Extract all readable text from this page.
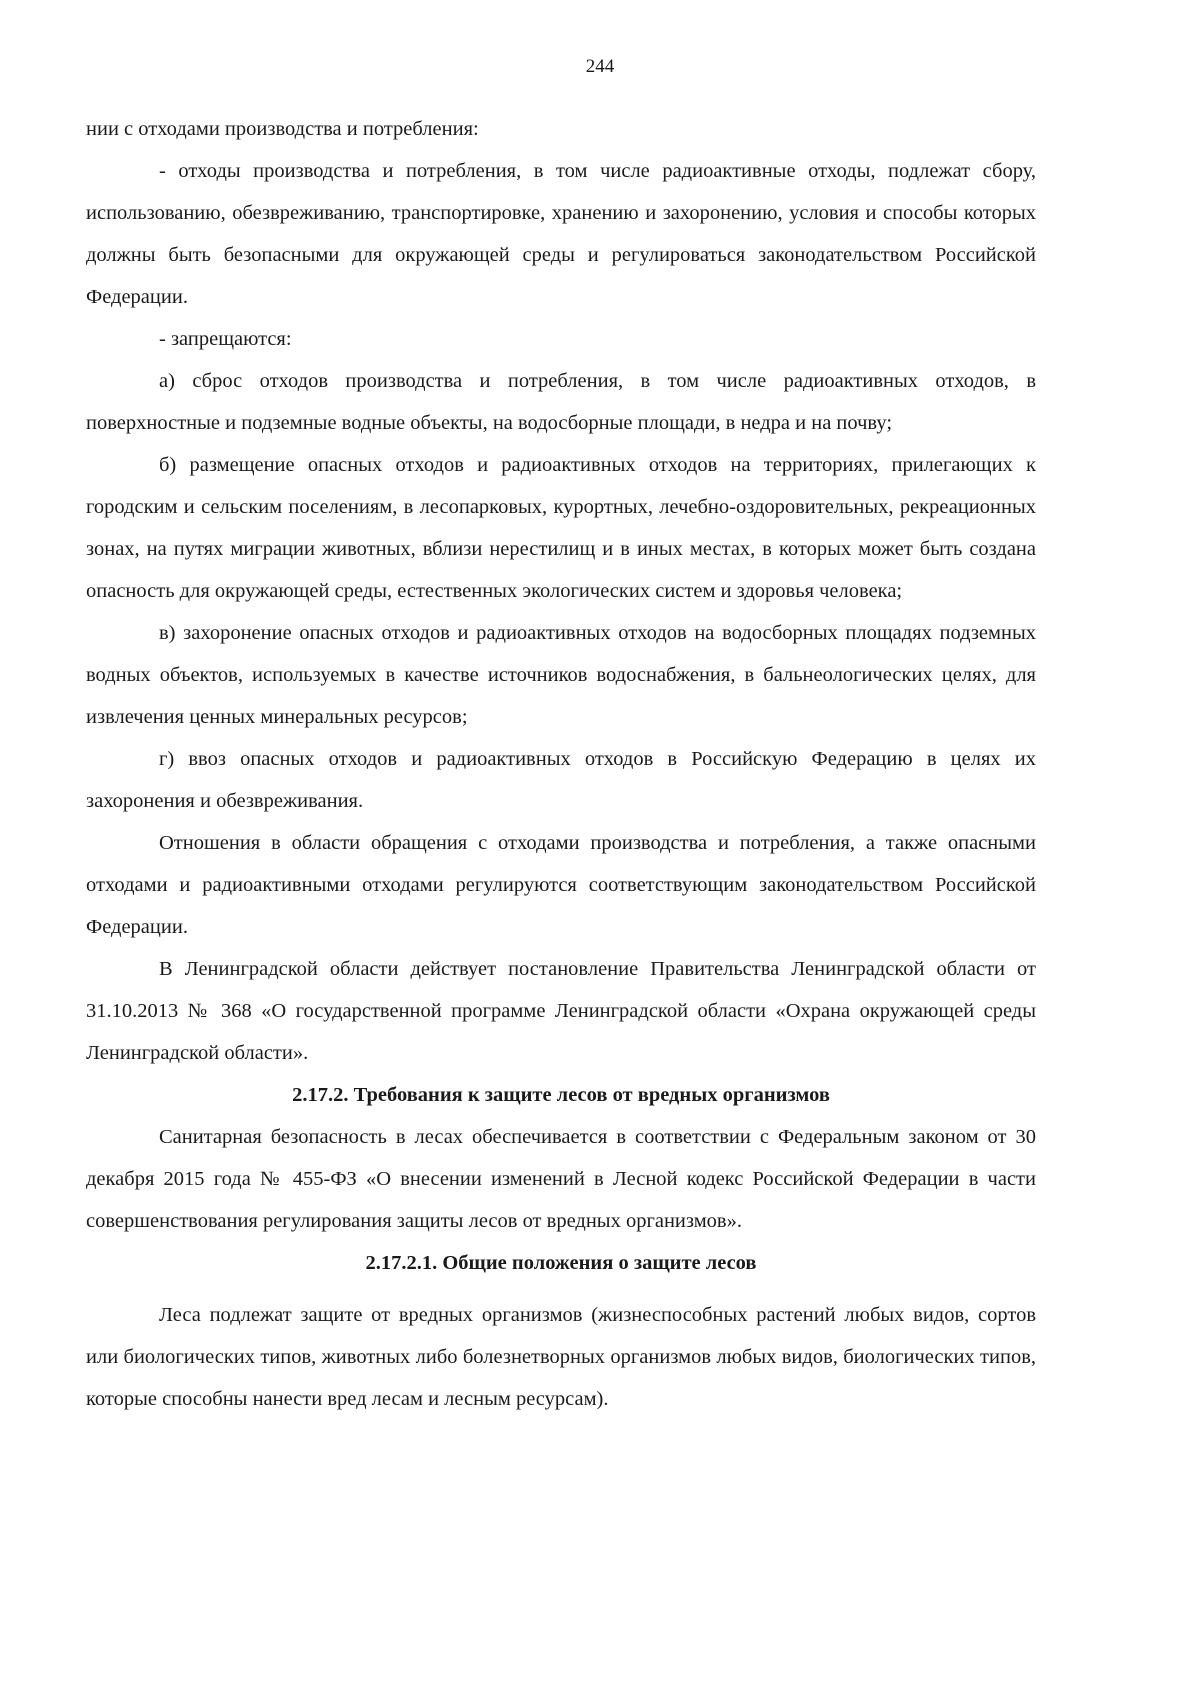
244

нии с отходами производства и потребления:

- отходы производства и потребления, в том числе радиоактивные отходы, подлежат сбору, использованию, обезвреживанию, транспортировке, хранению и захоронению, условия и способы которых должны быть безопасными для окружающей среды и регулироваться законодательством Российской Федерации.

- запрещаются:

а) сброс отходов производства и потребления, в том числе радиоактивных отходов, в поверхностные и подземные водные объекты, на водосборные площади, в недра и на почву;

б) размещение опасных отходов и радиоактивных отходов на территориях, прилегающих к городским и сельским поселениям, в лесопарковых, курортных, лечебно-оздоровительных, рекреационных зонах, на путях миграции животных, вблизи нерестилищ и в иных местах, в которых может быть создана опасность для окружающей среды, естественных экологических систем и здоровья человека;

в) захоронение опасных отходов и радиоактивных отходов на водосборных площадях подземных водных объектов, используемых в качестве источников водоснабжения, в бальнеологических целях, для извлечения ценных минеральных ресурсов;

г) ввоз опасных отходов и радиоактивных отходов в Российскую Федерацию в целях их захоронения и обезвреживания.

Отношения в области обращения с отходами производства и потребления, а также опасными отходами и радиоактивными отходами регулируются соответствующим законодательством Российской Федерации.

В Ленинградской области действует постановление Правительства Ленинградской области от 31.10.2013 № 368 «О государственной программе Ленинградской области «Охрана окружающей среды Ленинградской области».

2.17.2. Требования к защите лесов от вредных организмов

Санитарная безопасность в лесах обеспечивается в соответствии с Федеральным законом от 30 декабря 2015 года № 455-ФЗ «О внесении изменений в Лесной кодекс Российской Федерации в части совершенствования регулирования защиты лесов от вредных организмов».

2.17.2.1. Общие положения о защите лесов

Леса подлежат защите от вредных организмов (жизнеспособных растений любых видов, сортов или биологических типов, животных либо болезнетворных организмов любых видов, биологических типов, которые способны нанести вред лесам и лесным ресурсам).
